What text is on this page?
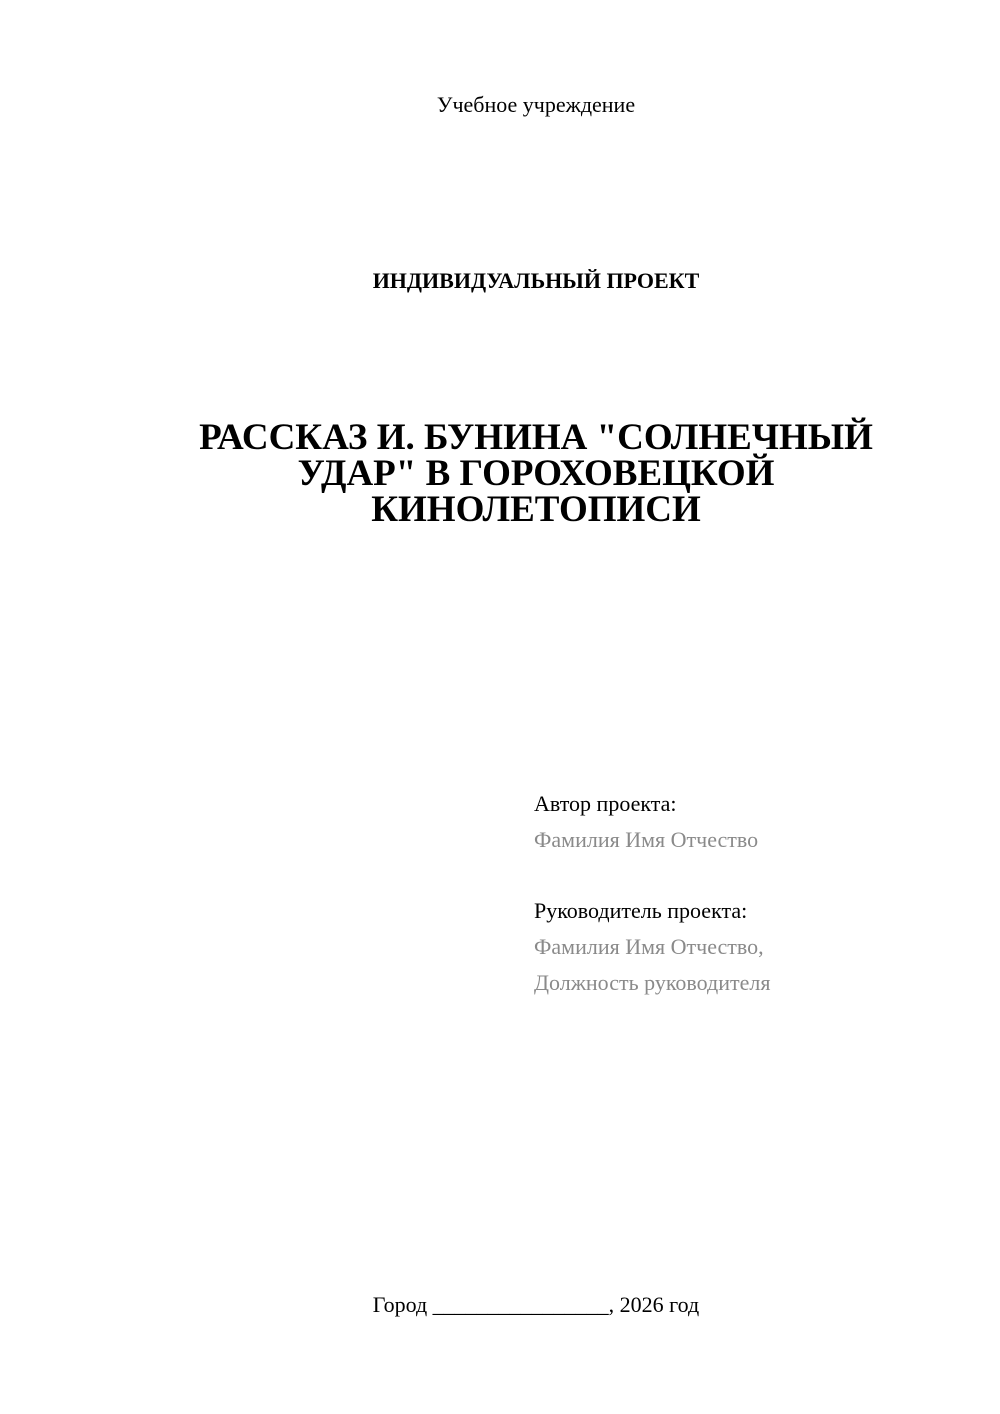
Учебное учреждение
ИНДИВИДУАЛЬНЫЙ ПРОЕКТ
РАССКАЗ И. БУНИНА "СОЛНЕЧНЫЙ
УДАР" В ГОРОХОВЕЦКОЙ
КИНОЛЕТОПИСИ
Автор проекта:
Фамилия Имя Отчество
Руководитель проекта:
Фамилия Имя Отчество,
Должность руководителя
Город ________________, 2026 год
